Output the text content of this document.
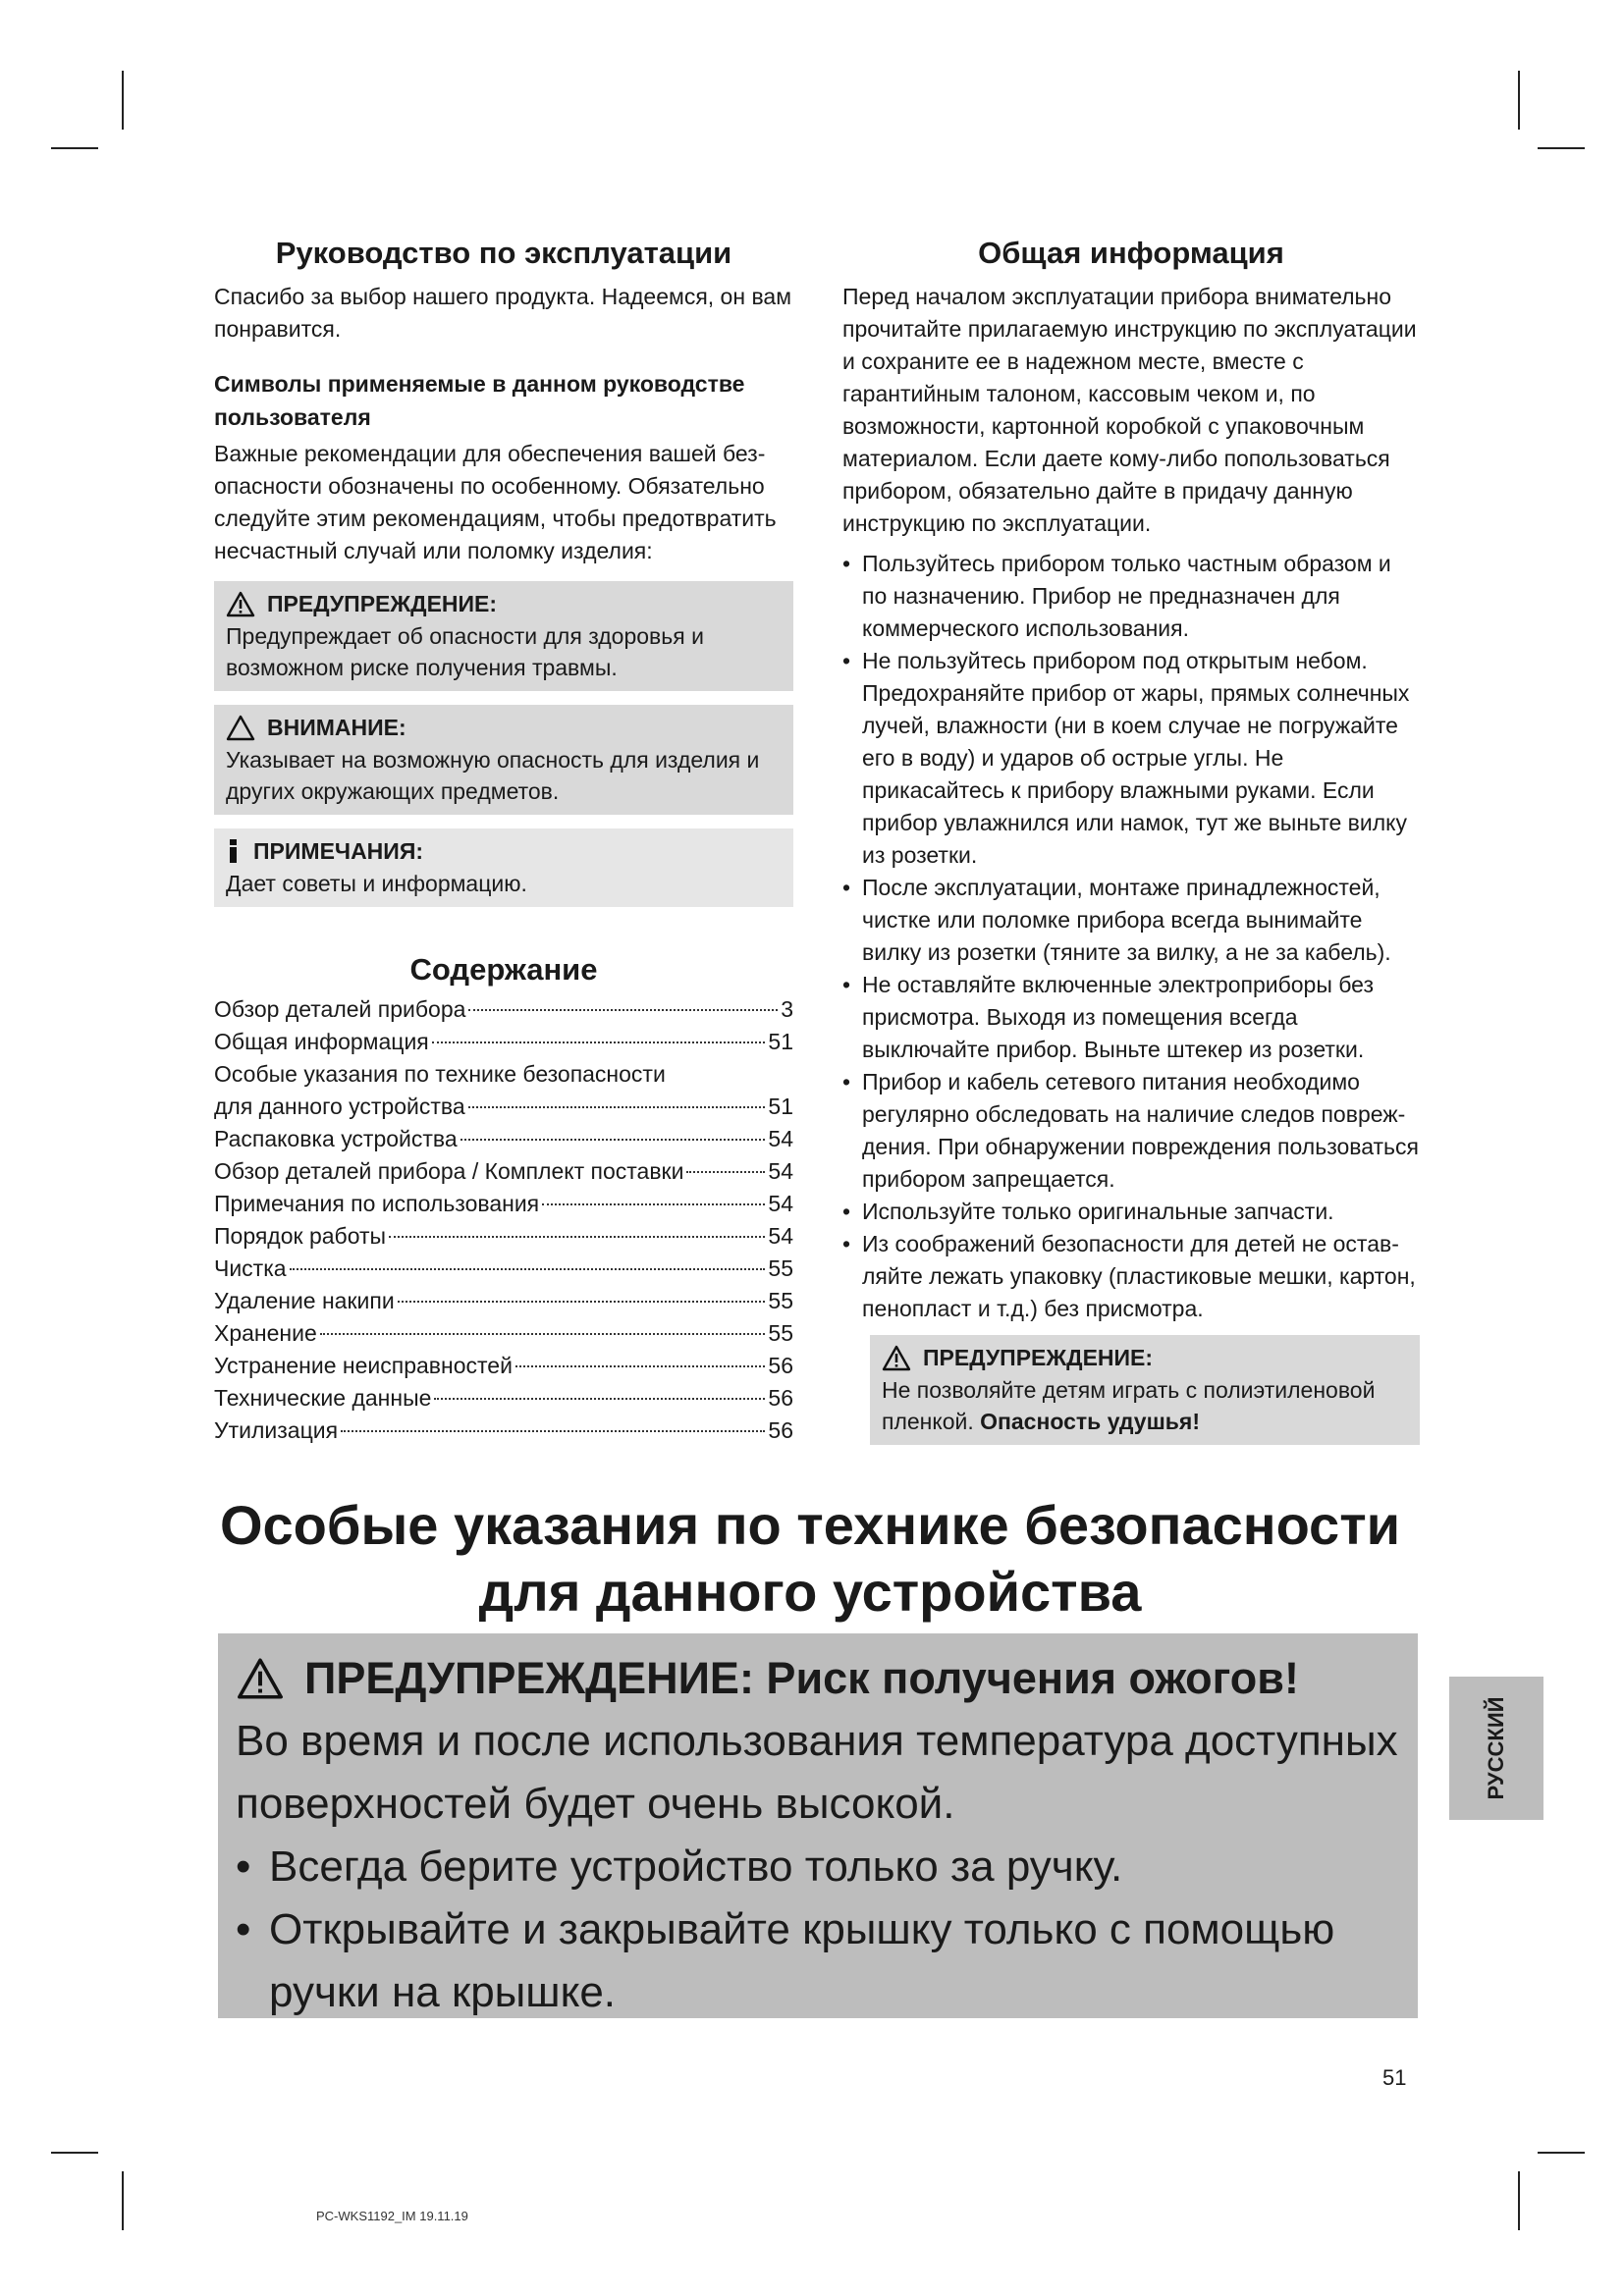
Руководство по эксплуатации

Спасибо за выбор нашего продукта. Надеемся, он вам понравится.

Символы применяемые в данном руководстве пользователя

Важные рекомендации для обеспечения вашей безопасности обозначены по особенному. Обязательно следуйте этим рекомендациям, чтобы предотвратить несчастный случай или поломку изделия:

ПРЕДУПРЕЖДЕНИЕ:
Предупреждает об опасности для здоровья и возможном риске получения травмы.
ВНИМАНИЕ:
Указывает на возможную опасность для изделия и других окружающих предметов.
ПРИМЕЧАНИЯ:
Дает советы и информацию.
Содержание
Обзор деталей прибора	3
Общая информация	51
Особые указания по технике безопасности
для данного устройства	51
Распаковка устройства	54
Обзор деталей прибора / Комплект поставки	54
Примечания по использования	54
Порядок работы	54
Чистка	55
Удаление накипи	55
Хранение	55
Устранение неисправностей	56
Технические данные	56
Утилизация	56
Общая информация

Перед началом эксплуатации прибора внимательно прочитайте прилагаемую инструкцию по эксплуатации и сохраните ее в надежном месте, вместе с гарантийным талоном, кассовым чеком и, по возможности, картонной коробкой с упаковочным материалом. Если даете кому-либо попользоваться прибором, обязательно дайте в придачу данную инструкцию по эксплуатации.

• Пользуйтесь прибором только частным образом и по назначению. Прибор не предназначен для коммерческого использования.
• Не пользуйтесь прибором под открытым небом. Предохраняйте прибор от жары, прямых солнечных лучей, влажности (ни в коем случае не погружайте его в воду) и ударов об острые углы. Не прикасайтесь к прибору влажными руками. Если прибор увлажнился или намок, тут же выньте вилку из розетки.
• После эксплуатации, монтаже принадлежностей, чистке или поломке прибора всегда вынимайте вилку из розетки (тяните за вилку, а не за кабель).
• Не оставляйте включенные электроприборы без присмотра. Выходя из помещения всегда выключайте прибор. Выньте штекер из розетки.
• Прибор и кабель сетевого питания необходимо регулярно обследовать на наличие следов повреждения. При обнаружении повреждения пользоваться прибором запрещается.
• Используйте только оригинальные запчасти.
• Из соображений безопасности для детей не оставляйте лежать упаковку (пластиковые мешки, картон, пенопласт и т.д.) без присмотра.
ПРЕДУПРЕЖДЕНИЕ:
Не позволяйте детям играть с полиэтиленовой пленкой. Опасность удушья!
Особые указания по технике безопасности
для данного устройства
ПРЕДУПРЕЖДЕНИЕ: Риск получения ожогов!
Во время и после использования температура доступных поверхностей будет очень высокой.
• Всегда берите устройство только за ручку.
• Открывайте и закрывайте крышку только с помощью ручки на крышке.
РУССКИЙ
51
PC-WKS1192_IM 19.11.19
